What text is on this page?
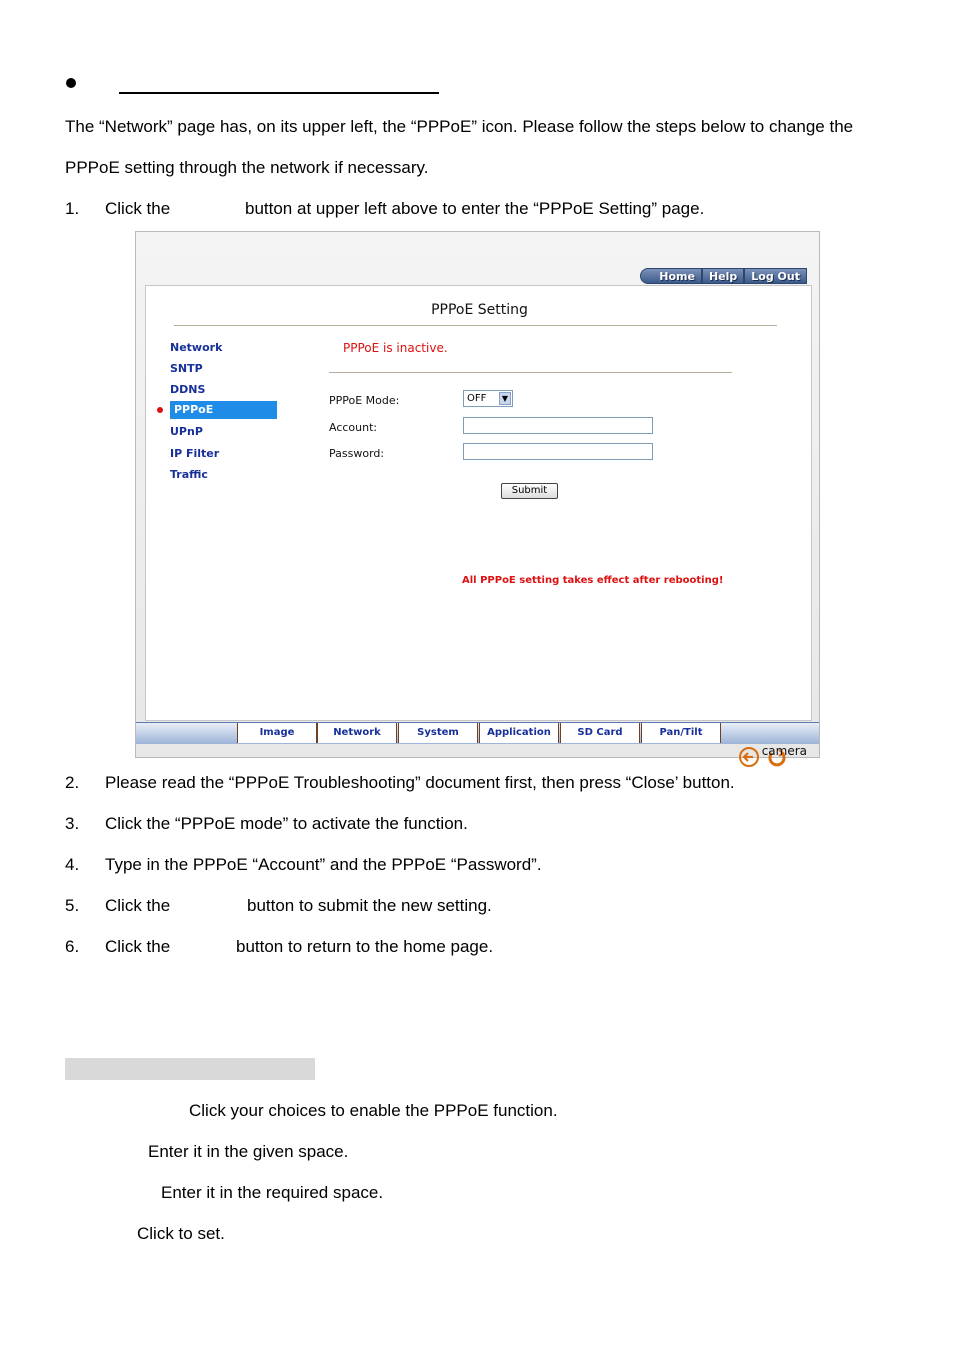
The “Network” page has, on its upper left, the “PPPoE” icon. Please follow the steps below to change the
PPPoE setting through the network if necessary.
1. Click the	button at upper left above to enter the “PPPoE Setting” page.
Home	Help	Log Out
PPPoE Setting
Network
SNTP
DDNS
PPPoE
UPnP
IP Filter
Traffic
PPPoE is inactive.
PPPoE Mode:	OFF	▼
Account:
Password:
Submit
All PPPoE setting takes effect after rebooting!
Image	Network	System	Application	SD Card	Pan/Tilt
camera
2. Please read the “PPPoE Troubleshooting” document first, then press “Close’ button.
3. Click the “PPPoE mode” to activate the function.
4. Type in the PPPoE “Account” and the PPPoE “Password”.
5. Click the	button to submit the new setting.
6. Click the	button to return to the home page.
Click your choices to enable the PPPoE function.
Enter it in the given space.
Enter it in the required space.
Click to set.
